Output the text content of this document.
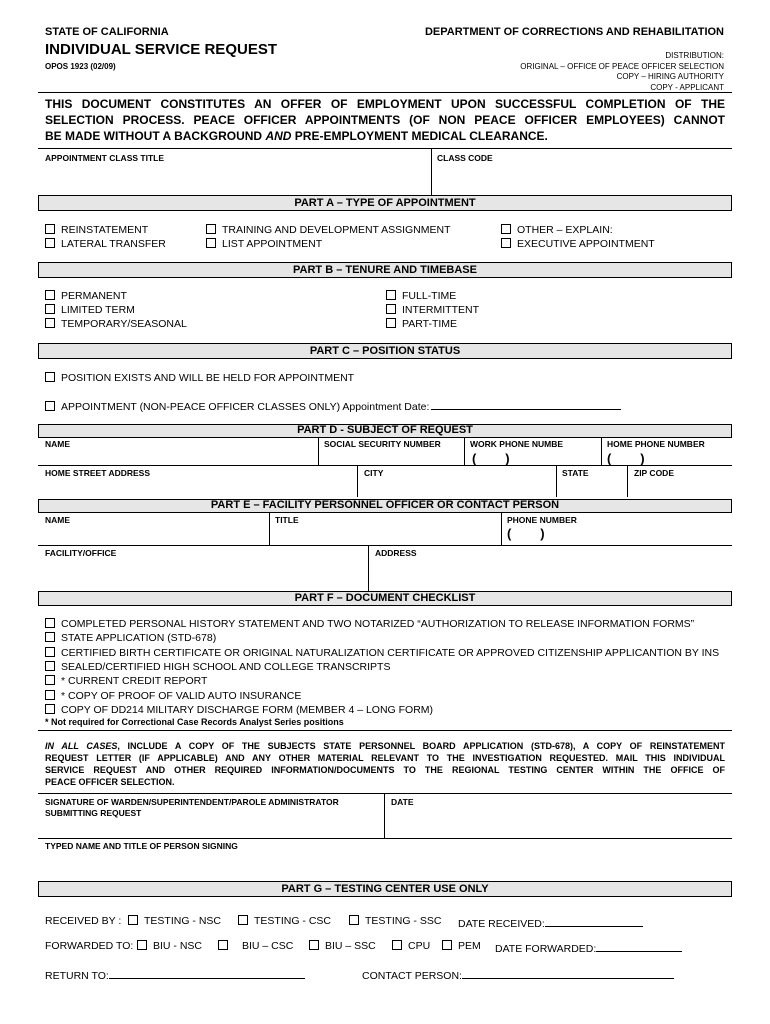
STATE OF CALIFORNIA
INDIVIDUAL SERVICE REQUEST
OPOS 1923 (02/09)
DEPARTMENT OF CORRECTIONS AND REHABILITATION
DISTRIBUTION:
ORIGINAL – OFFICE OF PEACE OFFICER SELECTION
COPY – HIRING AUTHORITY
COPY - APPLICANT
THIS DOCUMENT CONSTITUTES AN OFFER OF EMPLOYMENT UPON SUCCESSFUL COMPLETION OF THE
SELECTION PROCESS. PEACE OFFICER APPOINTMENTS (OF NON PEACE OFFICER EMPLOYEES) CANNOT
BE MADE WITHOUT A BACKGROUND AND PRE-EMPLOYMENT MEDICAL CLEARANCE.
APPOINTMENT CLASS TITLE	CLASS CODE
PART A – TYPE OF APPOINTMENT
REINSTATEMENT
LATERAL TRANSFER
TRAINING AND DEVELOPMENT ASSIGNMENT
LIST APPOINTMENT
OTHER – EXPLAIN:
EXECUTIVE APPOINTMENT
PART B – TENURE AND TIMEBASE
PERMANENT
LIMITED TERM
TEMPORARY/SEASONAL
FULL-TIME
INTERMITTENT
PART-TIME
PART C – POSITION STATUS
POSITION EXISTS AND WILL BE HELD FOR APPOINTMENT
APPOINTMENT (NON-PEACE OFFICER CLASSES ONLY) Appointment Date:
PART D - SUBJECT OF REQUEST
NAME	SOCIAL SECURITY NUMBER	WORK PHONE NUMBE	HOME PHONE NUMBER
(        )	(        )
HOME STREET ADDRESS	CITY	STATE	ZIP CODE
PART E – FACILITY PERSONNEL OFFICER OR CONTACT PERSON
NAME	TITLE	PHONE NUMBER
(        )
FACILITY/OFFICE	ADDRESS
PART F – DOCUMENT CHECKLIST
COMPLETED PERSONAL HISTORY STATEMENT AND TWO NOTARIZED “AUTHORIZATION TO RELEASE INFORMATION FORMS”
STATE APPLICATION (STD-678)
CERTIFIED BIRTH CERTIFICATE OR ORIGINAL NATURALIZATION CERTIFICATE OR APPROVED CITIZENSHIP APPLICANTION BY INS
SEALED/CERTIFIED HIGH SCHOOL AND COLLEGE TRANSCRIPTS
* CURRENT CREDIT REPORT
* COPY OF PROOF OF VALID AUTO INSURANCE
COPY OF DD214 MILITARY DISCHARGE FORM (MEMBER 4 – LONG FORM)
* Not required for Correctional Case Records Analyst Series positions
IN ALL CASES, INCLUDE A COPY OF THE SUBJECTS STATE PERSONNEL BOARD APPLICATION (STD-678), A COPY OF REINSTATEMENT
REQUEST LETTER (IF APPLICABLE) AND ANY OTHER MATERIAL RELEVANT TO THE INVESTIGATION REQUESTED. MAIL THIS INDIVIDUAL
SERVICE REQUEST AND OTHER REQUIRED INFORMATION/DOCUMENTS TO THE REGIONAL TESTING CENTER WITHIN THE OFFICE OF
PEACE OFFICER SELECTION.
SIGNATURE OF WARDEN/SUPERINTENDENT/PAROLE ADMINISTRATOR
SUBMITTING REQUEST
DATE
TYPED NAME AND TITLE OF PERSON SIGNING
PART G – TESTING CENTER USE ONLY
RECEIVED BY :	TESTING - NSC	TESTING - CSC	TESTING - SSC DATE RECEIVED:
FORWARDED TO:	BIU - NSC	BIU – CSC	BIU – SSC	CPU	PEM DATE FORWARDED:
RETURN TO:	CONTACT PERSON:
